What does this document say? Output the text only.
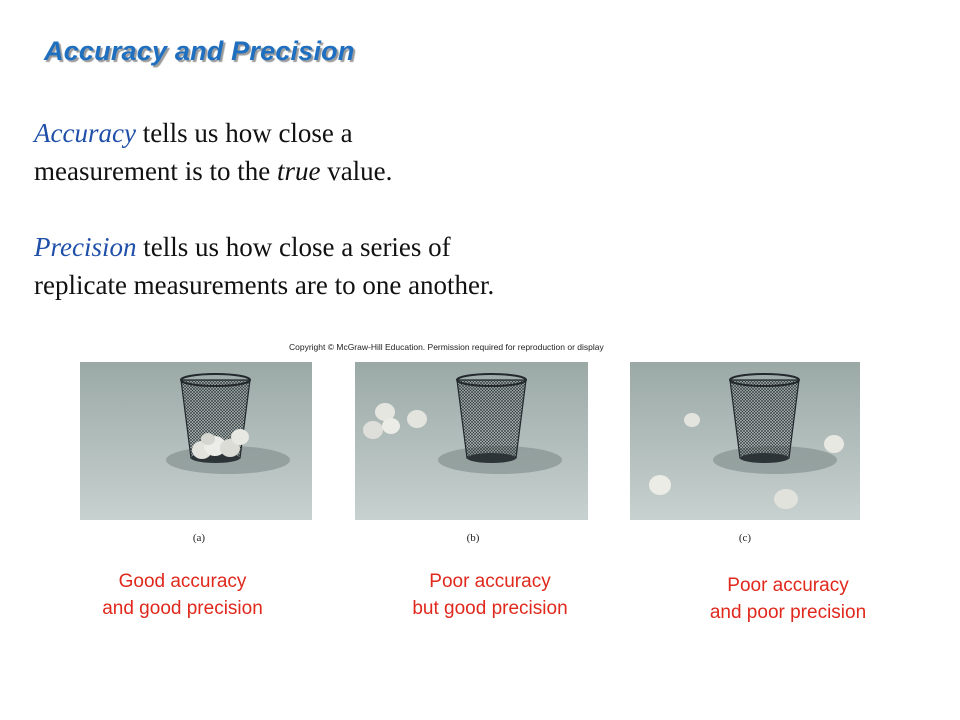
Accuracy and Precision
Accuracy tells us how close a
measurement is to the true value.
Precision tells us how close a series of
replicate measurements are to one another.
Copyright © McGraw-Hill Education. Permission required for reproduction or display
(a)	(b)	(c)
Good accuracy
and good precision
Poor accuracy
but good precision
Poor accuracy
and poor precision
